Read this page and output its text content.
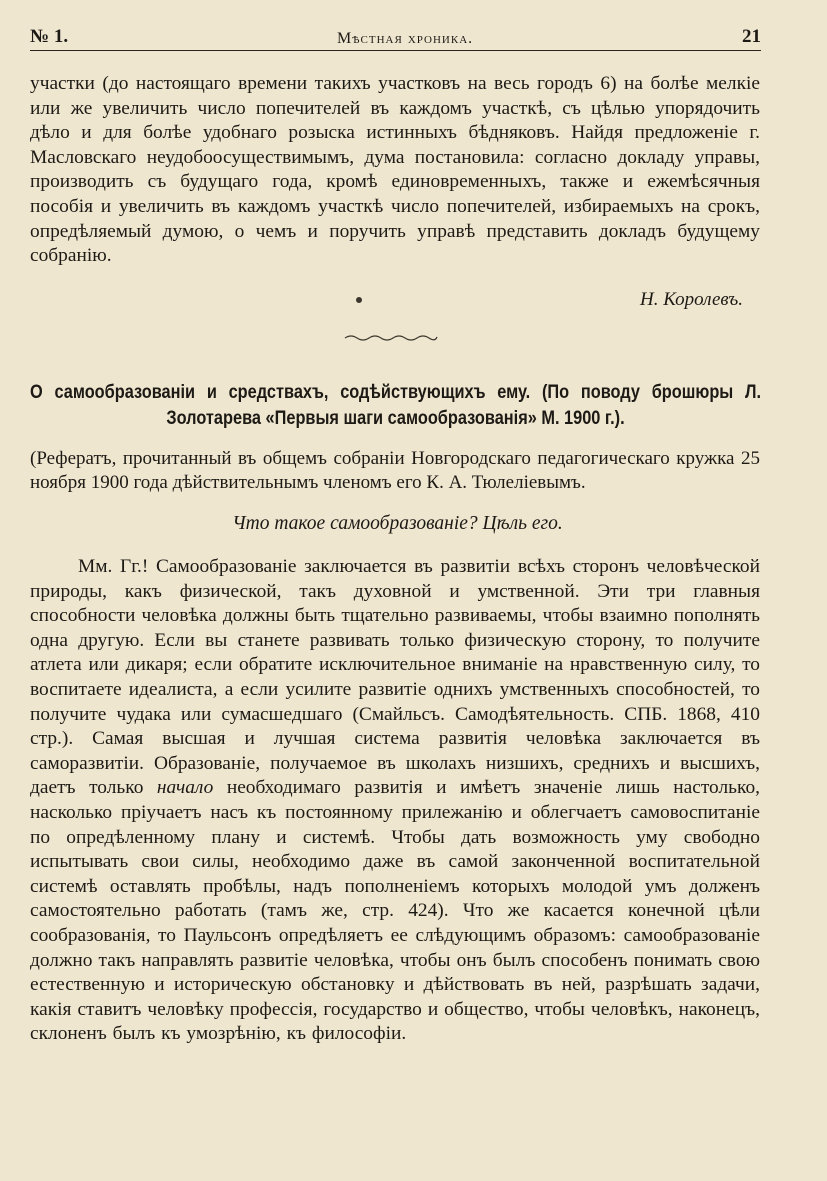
№ 1.	Мѣстная хроника.	21
участки (до настоящаго времени такихъ участковъ на весь городъ 6) на болѣе мелкіе или же увеличить число попечителей въ каждомъ участкѣ, съ цѣлью упорядочить дѣло и для болѣе удобнаго розыска истинныхъ бѣдняковъ. Найдя предложеніе г. Масловскаго неудобоосуществимымъ, дума постановила: согласно докладу управы, производить съ будущаго года, кромѣ единовременныхъ, также и ежемѣсячныя пособія и увеличить въ каждомъ участкѣ число попечителей, избираемыхъ на срокъ, опредѣляемый думою, о чемъ и поручить управѣ представить докладъ будущему собранію.
Н. Королевъ.
О самообразованіи и средствахъ, содѣйствующихъ ему. (По поводу брошюры Л. Золотарева «Первыя шаги самообразованія» М. 1900 г.).
(Рефератъ, прочитанный въ общемъ собраніи Новгородскаго педагогическаго кружка 25 ноября 1900 года дѣйствительнымъ членомъ его К. А. Тюлеліевымъ.
Что такое самообразованіе? Цѣль его.
Мм. Гг.! Самообразованіе заключается въ развитіи всѣхъ сторонъ человѣческой природы, какъ физической, такъ духовной и умственной. Эти три главныя способности человѣка должны быть тщательно развиваемы, чтобы взаимно пополнять одна другую. Если вы станете развивать только физическую сторону, то получите атлета или дикаря; если обратите исключительное вниманіе на нравственную силу, то воспитаете идеалиста, а если усилите развитіе однихъ умственныхъ способностей, то получите чудака или сумасшедшаго (Смайльсъ. Самодѣятельность. СПБ. 1868, 410 стр.). Самая высшая и лучшая система развитія человѣка заключается въ саморазвитіи. Образованіе, получаемое въ школахъ низшихъ, среднихъ и высшихъ, даетъ только начало необходимаго развитія и имѣетъ значеніе лишь настолько, насколько пріучаетъ насъ къ постоянному прилежанію и облегчаетъ самовоспитаніе по опредѣленному плану и системѣ. Чтобы дать возможность уму свободно испытывать свои силы, необходимо даже въ самой законченной воспитательной системѣ оставлять пробѣлы, надъ пополненіемъ которыхъ молодой умъ долженъ самостоятельно работать (тамъ же, стр. 424). Что же касается конечной цѣли сообразованія, то Паульсонъ опредѣляетъ ее слѣдующимъ образомъ: самообразованіе должно такъ направлять развитіе человѣка, чтобы онъ былъ способенъ понимать свою естественную и историческую обстановку и дѣйствовать въ ней, разрѣшать задачи, какія ставитъ человѣку профессія, государство и общество, чтобы человѣкъ, наконецъ, склоненъ былъ къ умозрѣнію, къ философіи.
